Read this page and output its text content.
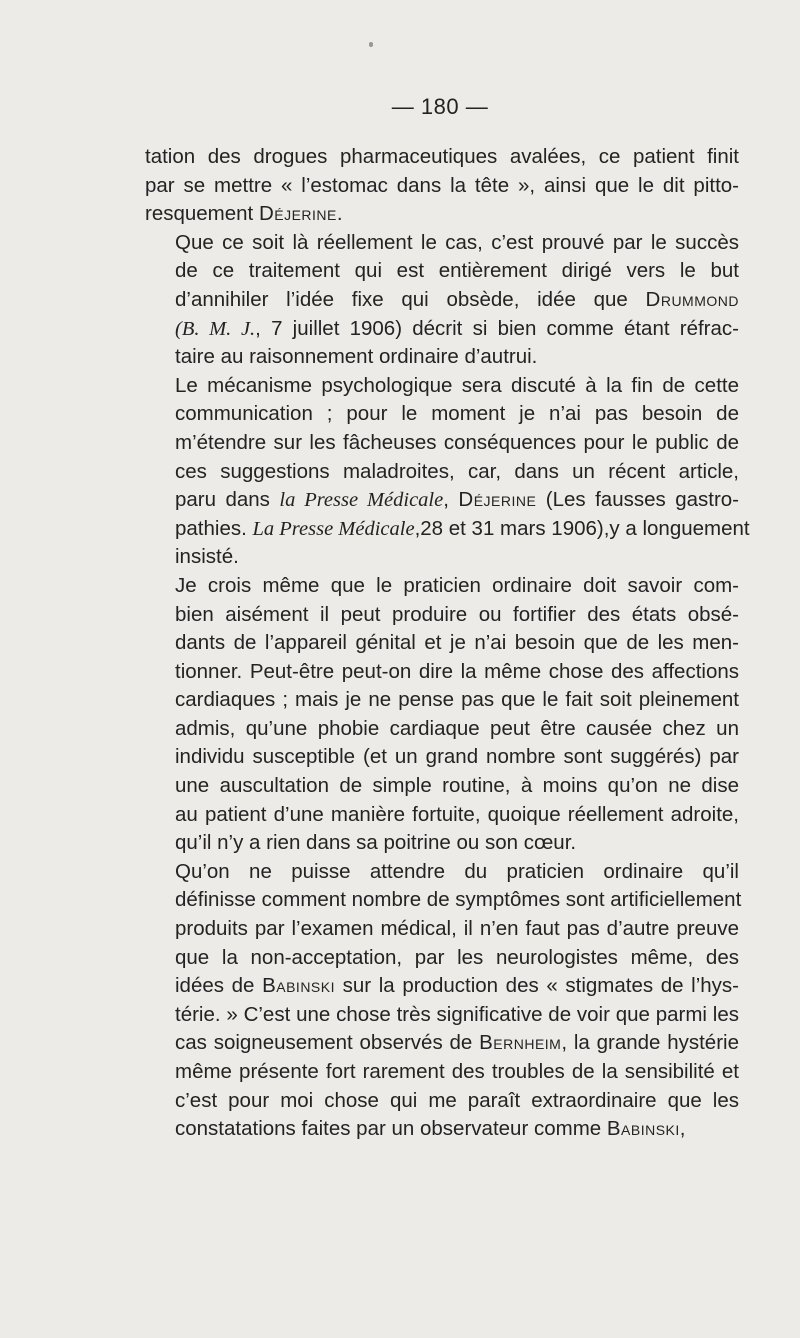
— 180 —

tation des drogues pharmaceutiques avalées, ce patient finit
par se mettre « l’estomac dans la tête », ainsi que le dit pitto-
resquement Déjerine.

Que ce soit là réellement le cas, c’est prouvé par le succès
de ce traitement qui est entièrement dirigé vers le but
d’annihiler l’idée fixe qui obsède, idée que Drummond
(B. M. J., 7 juillet 1906) décrit si bien comme étant réfrac-
taire au raisonnement ordinaire d’autrui.

Le mécanisme psychologique sera discuté à la fin de cette
communication ; pour le moment je n’ai pas besoin de
m’étendre sur les fâcheuses conséquences pour le public de
ces suggestions maladroites, car, dans un récent article,
paru dans la Presse Médicale, Déjerine (Les fausses gastro-
pathies. La Presse Médicale,28 et 31 mars 1906),y a longuement
insisté.

Je crois même que le praticien ordinaire doit savoir com-
bien aisément il peut produire ou fortifier des états obsé-
dants de l’appareil génital et je n’ai besoin que de les men-
tionner. Peut-être peut-on dire la même chose des affections
cardiaques ; mais je ne pense pas que le fait soit pleinement
admis, qu’une phobie cardiaque peut être causée chez un
individu susceptible (et un grand nombre sont suggérés) par
une auscultation de simple routine, à moins qu’on ne dise
au patient d’une manière fortuite, quoique réellement adroite,
qu’il n’y a rien dans sa poitrine ou son cœur.

Qu’on ne puisse attendre du praticien ordinaire qu’il
définisse comment nombre de symptômes sont artificiellement
produits par l’examen médical, il n’en faut pas d’autre preuve
que la non-acceptation, par les neurologistes même, des
idées de Babinski sur la production des « stigmates de l’hys-
térie. » C’est une chose très significative de voir que parmi les
cas soigneusement observés de Bernheim, la grande hystérie
même présente fort rarement des troubles de la sensibilité et
c’est pour moi chose qui me paraît extraordinaire que les
constatations faites par un observateur comme Babinski,
